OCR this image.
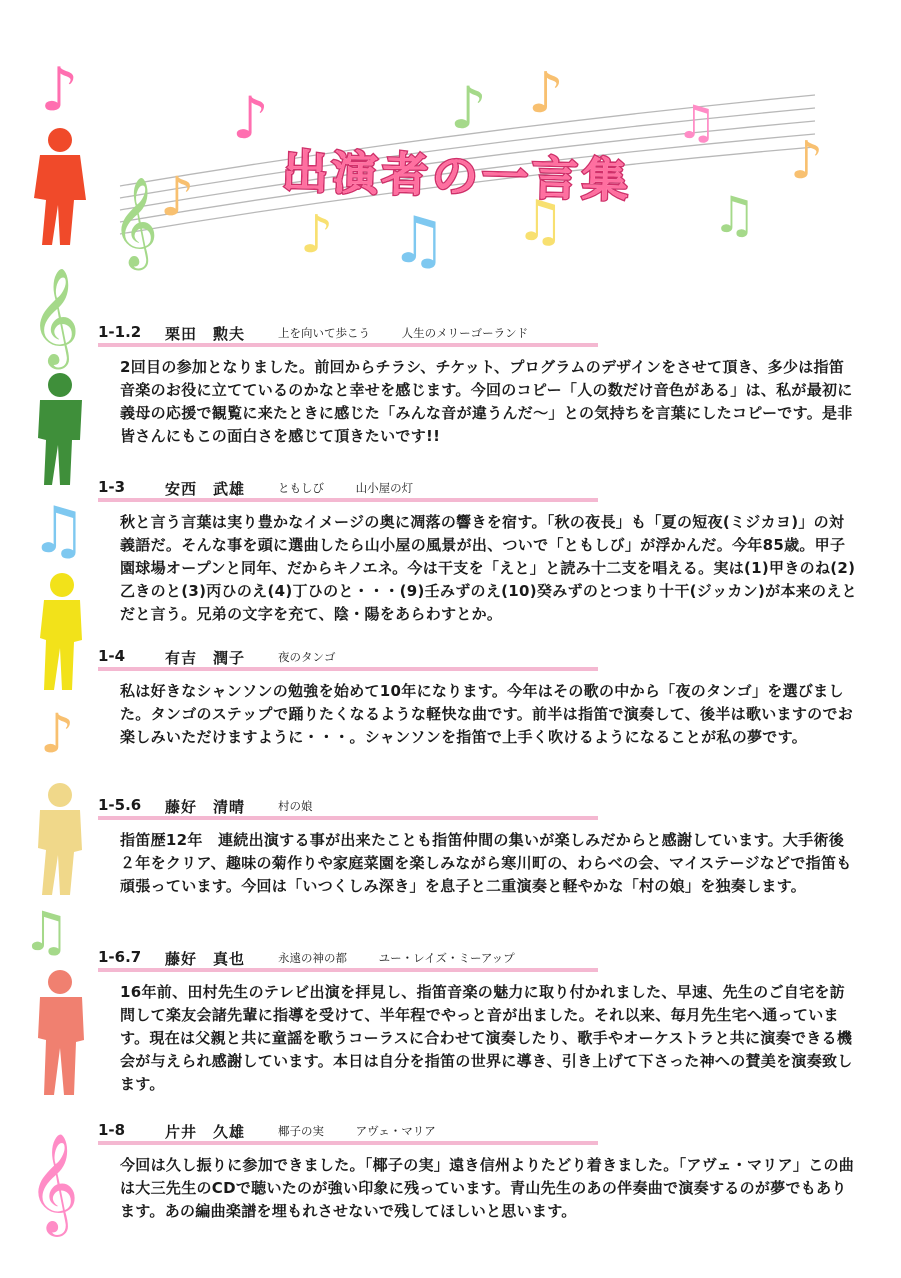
𝄞
♪	♪
♪
♪ ♪ ♫
♪
♪ ♫ ♫	♫
𝄞
♫
♪
♫
𝄞
出演者の一言集
1-1.2 栗田　勲夫	上を向いて歩こう	人生のメリーゴーランド
2回目の参加となりました。前回からチラシ、チケット、プログラムのデザインをさせて頂き、多少は指笛音楽のお役に立てているのかなと幸せを感じます。今回のコピー「人の数だけ音色がある」は、私が最初に義母の応援で観覧に来たときに感じた「みんな音が違うんだ〜」との気持ちを言葉にしたコピーです。是非皆さんにもこの面白さを感じて頂きたいです!!
1-3	安西　武雄	ともしび	山小屋の灯
秋と言う言葉は実り豊かなイメージの奥に凋落の響きを宿す。「秋の夜長」も「夏の短夜(ミジカヨ)」の対義語だ。そんな事を頭に選曲したら山小屋の風景が出、ついで「ともしび」が浮かんだ。今年85歳。甲子園球場オープンと同年、だからキノエネ。今は干支を「えと」と読み十二支を唱える。実は(1)甲きのね(2)乙きのと(3)丙ひのえ(4)丁ひのと・・・(9)壬みずのえ(10)癸みずのとつまり十干(ジッカン)が本来のえとだと言う。兄弟の文字を充て、陰・陽をあらわすとか。
1-4	有吉　潤子	夜のタンゴ
私は好きなシャンソンの勉強を始めて10年になります。今年はその歌の中から「夜のタンゴ」を選びました。タンゴのステップで踊りたくなるような軽快な曲です。前半は指笛で演奏して、後半は歌いますのでお楽しみいただけますように・・・。シャンソンを指笛で上手く吹けるようになることが私の夢です。
1-5.6 藤好　清晴	村の娘
指笛歴12年　連続出演する事が出来たことも指笛仲間の集いが楽しみだからと感謝しています。大手術後２年をクリア、趣味の菊作りや家庭菜園を楽しみながら寒川町の、わらべの会、マイステージなどで指笛も頑張っています。今回は「いつくしみ深き」を息子と二重演奏と軽やかな「村の娘」を独奏します。
1-6.7 藤好　真也	永遠の神の都	ユー・レイズ・ミーアップ
16年前、田村先生のテレビ出演を拝見し、指笛音楽の魅力に取り付かれました、早速、先生のご自宅を訪問して楽友会諸先輩に指導を受けて、半年程でやっと音が出ました。それ以来、毎月先生宅へ通っています。現在は父親と共に童謡を歌うコーラスに合わせて演奏したり、歌手やオーケストラと共に演奏できる機会が与えられ感謝しています。本日は自分を指笛の世界に導き、引き上げて下さった神への賛美を演奏致します。
1-8	片井　久雄	椰子の実	アヴェ・マリア
今回は久し振りに参加できました。「椰子の実」遠き信州よりたどり着きました。「アヴェ・マリア」この曲は大三先生のCDで聴いたのが強い印象に残っています。青山先生のあの伴奏曲で演奏するのが夢でもあります。あの編曲楽譜を埋もれさせないで残してほしいと思います。
